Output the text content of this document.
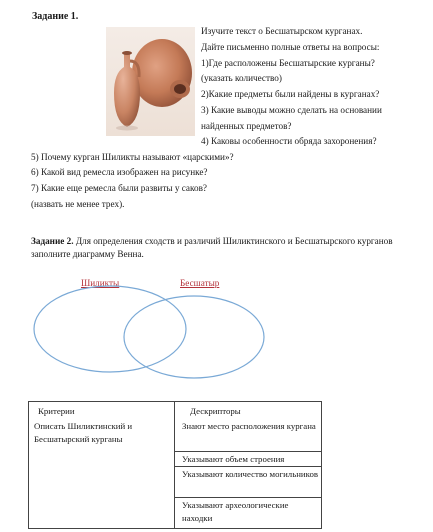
Задание 1.
Изучите текст о Бесшатырском курганах.
Дайте письменно полные ответы на вопросы:
1)Где расположены Бесшатырские курганы?
(указать количество)
2)Какие предметы были найдены в курганах?
3) Какие выводы можно сделать на основании
найденных предметов?
4) Каковы особенности обряда захоронения?
5) Почему курган Шиликты называют «царскими»?
6) Какой вид ремесла изображен на рисунке?
7) Какие еще ремесла были развиты у саков?
(назвать не менее трех).
Задание 2. Для определения сходств и различий Шиликтинского и Бесшатырского курганов заполните диаграмму Венна.
Шиликты	Бесшатыр
Критерии	Дескрипторы
Описать Шиликтинский и Бесшатырский курганы
Знают место расположения кургана
Указывают объем строения
Указывают количество могильников
Указывают археологические находки
